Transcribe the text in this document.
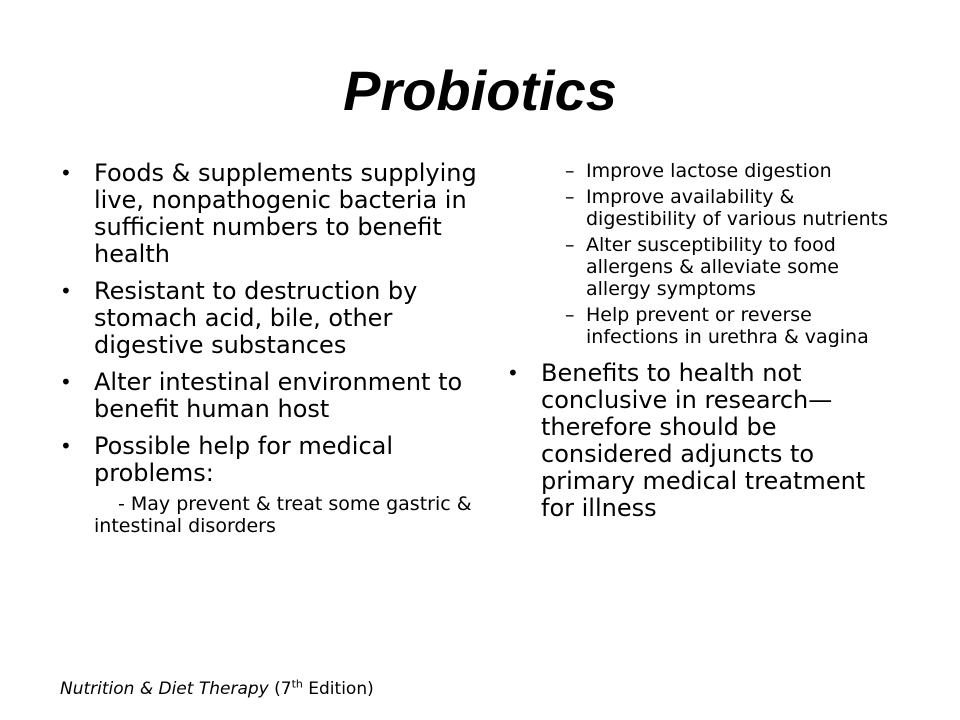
Probiotics
• Foods & supplements supplying live, nonpathogenic bacteria in sufficient numbers to benefit health
• Resistant to destruction by stomach acid, bile, other digestive substances
• Alter intestinal environment to benefit human host
• Possible help for medical problems:
- May prevent & treat some gastric & intestinal disorders
– Improve lactose digestion
– Improve availability & digestibility of various nutrients
– Alter susceptibility to food allergens & alleviate some allergy symptoms
– Help prevent or reverse infections in urethra & vagina
• Benefits to health not conclusive in research—therefore should be considered adjuncts to primary medical treatment for illness
Nutrition & Diet Therapy (7th Edition)
